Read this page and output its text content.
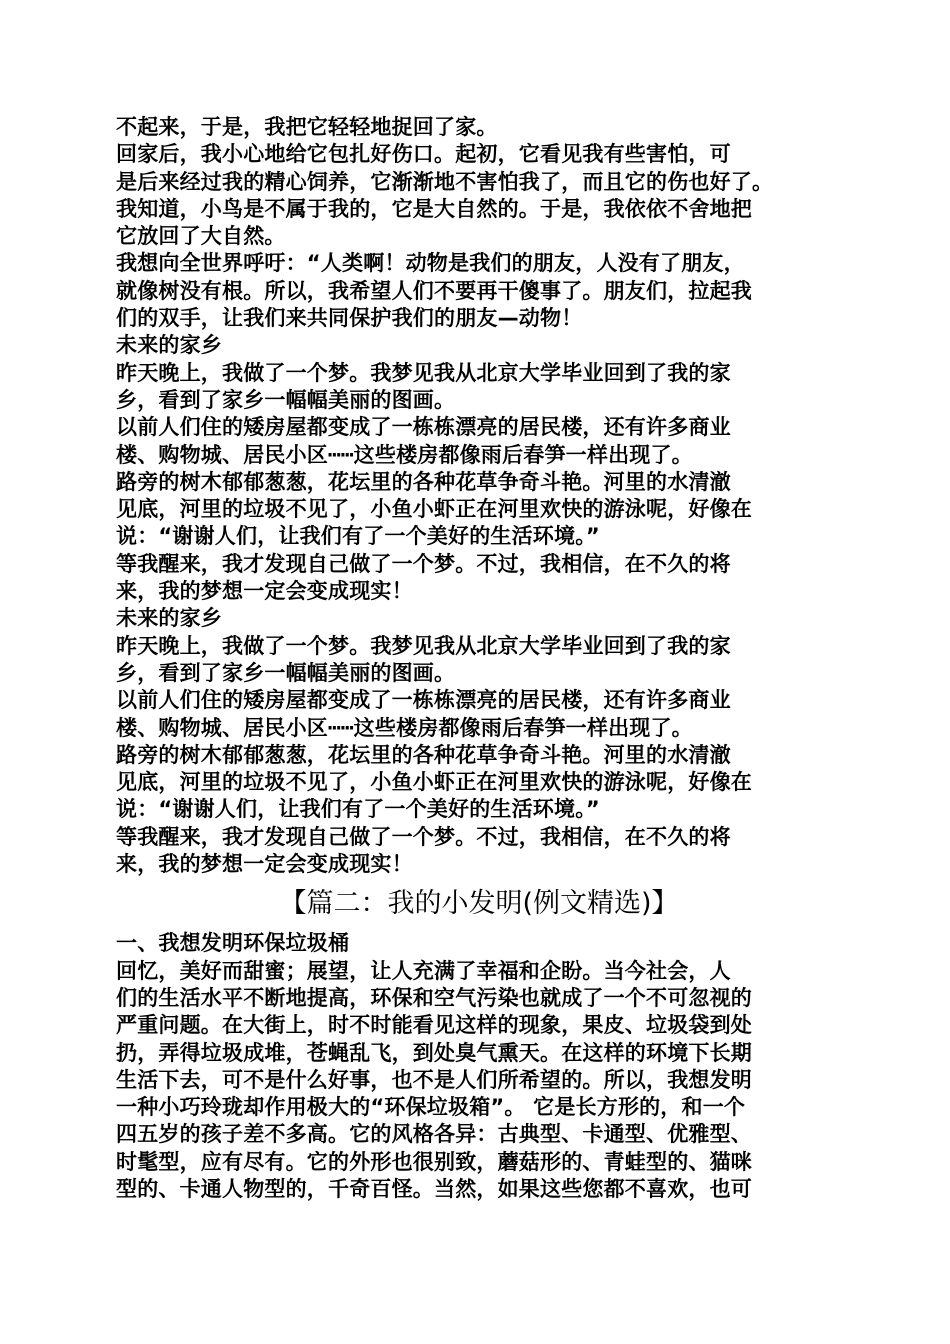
不起来，于是，我把它轻轻地捉回了家。
回家后，我小心地给它包扎好伤口。起初，它看见我有些害怕，可
是后来经过我的精心饲养，它渐渐地不害怕我了，而且它的伤也好了。
我知道，小鸟是不属于我的，它是大自然的。于是，我依依不舍地把
它放回了大自然。
我想向全世界呼吁：“人类啊！动物是我们的朋友，人没有了朋友，
就像树没有根。所以，我希望人们不要再干傻事了。朋友们，拉起我
们的双手，让我们来共同保护我们的朋友—动物！
未来的家乡
昨天晚上，我做了一个梦。我梦见我从北京大学毕业回到了我的家
乡，看到了家乡一幅幅美丽的图画。
以前人们住的矮房屋都变成了一栋栋漂亮的居民楼，还有许多商业
楼、购物城、居民小区┅┅这些楼房都像雨后春笋一样出现了。
路旁的树木郁郁葱葱，花坛里的各种花草争奇斗艳。河里的水清澈
见底，河里的垃圾不见了，小鱼小虾正在河里欢快的游泳呢，好像在
说：“谢谢人们，让我们有了一个美好的生活环境。”
等我醒来，我才发现自己做了一个梦。不过，我相信，在不久的将
来，我的梦想一定会变成现实！
未来的家乡
昨天晚上，我做了一个梦。我梦见我从北京大学毕业回到了我的家
乡，看到了家乡一幅幅美丽的图画。
以前人们住的矮房屋都变成了一栋栋漂亮的居民楼，还有许多商业
楼、购物城、居民小区┅┅这些楼房都像雨后春笋一样出现了。
路旁的树木郁郁葱葱，花坛里的各种花草争奇斗艳。河里的水清澈
见底，河里的垃圾不见了，小鱼小虾正在河里欢快的游泳呢，好像在
说：“谢谢人们，让我们有了一个美好的生活环境。”
等我醒来，我才发现自己做了一个梦。不过，我相信，在不久的将
来，我的梦想一定会变成现实！
【篇二：我的小发明(例文精选)】
一、我想发明环保垃圾桶
回忆，美好而甜蜜；展望，让人充满了幸福和企盼。当今社会，人
们的生活水平不断地提高，环保和空气污染也就成了一个不可忽视的
严重问题。在大街上，时不时能看见这样的现象，果皮、垃圾袋到处
扔，弄得垃圾成堆，苍蝇乱飞，到处臭气熏天。在这样的环境下长期
生活下去，可不是什么好事，也不是人们所希望的。所以，我想发明
一种小巧玲珑却作用极大的“环保垃圾箱”。 它是长方形的，和一个
四五岁的孩子差不多高。它的风格各异：古典型、卡通型、优雅型、
时髦型，应有尽有。它的外形也很别致，蘑菇形的、青蛙型的、猫咪
型的、卡通人物型的，千奇百怪。当然，如果这些您都不喜欢，也可
